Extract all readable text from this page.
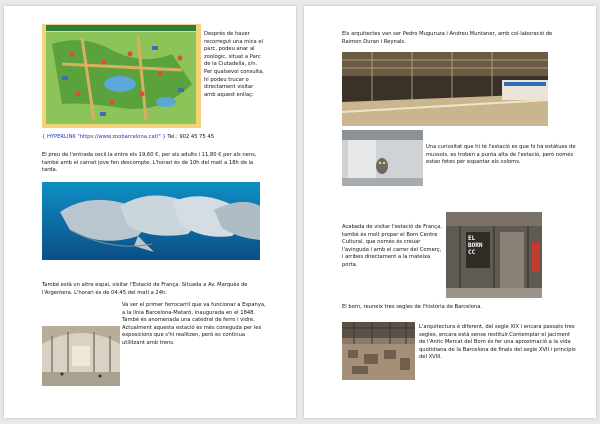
Després de haver recorregut una mica el parc, podeu anar al zoològic, situat a Parc de la Ciutadella, s/n. Per qualsevol consulta, hi podeu trucar o directament visitar amb aquest enllaç:
{ HYPERLINK "https://www.zoobarcelona.cat/" } Tel.: 902 45 75 45
El preu de l'entrada oscil·la entre els 19,60 €, per als adults i 11,80 € per als nens, també amb el carnet jove fen descompte. L'horari és de 10h del matí a 18h de la tarda.
També està un altre espai, visitar l'Estació de França. Situada a Av. Marquès de l'Argentera. L'horari és de 04:45 del matí a 24h.
Va ser el primer ferrocarril que va funcionar a Espanya, a la línia Barcelona-Mataró, inaugurada en el 1848. També és anomenada una catedral de ferro i vidre. Actualment aquesta estació és més coneguda per les exposicions que s'hi realitzen, però es continua utilitzant amb trens.
Els arquitectes van ser Pedro Muguruza i Andreu Muntaner, amb col·laboració de Raimon Duran i Reynals.
Una curiositat que hi té l'estació es que hi ha estàtues de mussols, es troben a punta alta de l'estació, però només estan fetes per espantar els coloms.
Acabada de visitar l'estació de França, també és molt proper el Born Centre Cultural, que només és creuar l'avinguda i amb el carrer del Comerç, i arribes directament a la mateixa porta.
EL BORN CC
El born, reuneix tres segles de l'història de Barcelona.
L'arquitectura è diferent, del segle XIX i encara passats tres segles, encara està sense restituir.Contemplar el jaciment de l'Antic Mercat del Born és fer una aproximació a la vida quotidiana de la Barcelona de finals del segle XVII i principis del XVIII.
